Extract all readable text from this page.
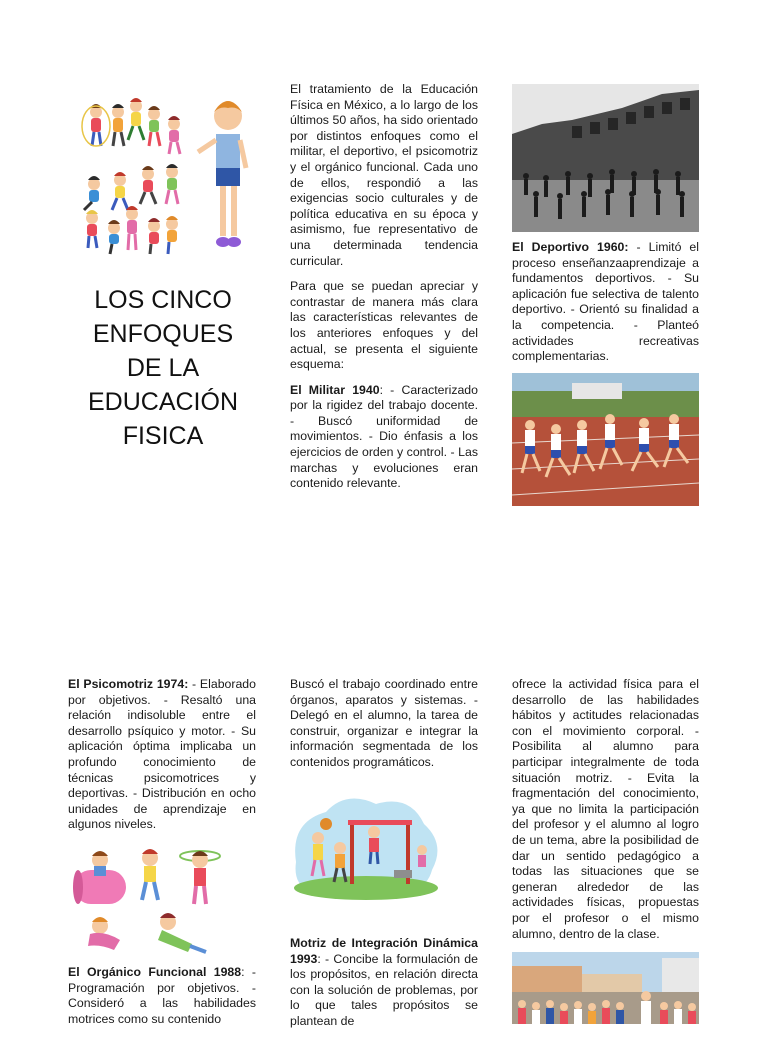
LOS CINCO
ENFOQUES
DE LA
EDUCACIÓN
FISICA

El tratamiento de la Educación Física en México, a lo largo de los últimos 50 años, ha sido orientado por distintos enfoques como el militar, el deportivo, el psicomotriz y el orgánico funcional. Cada uno de ellos, respondió a las exigencias socio culturales y de política educativa en su época y asimismo, fue representativo de una determinada tendencia curricular.

Para que se puedan apreciar y contrastar de manera más clara las características relevantes de los anteriores enfoques y del actual, se presenta el siguiente esquema:

El Militar 1940: - Caracterizado por la rigidez del trabajo docente. - Buscó uniformidad de movimientos. - Dio énfasis a los ejercicios de orden y control. - Las marchas y evoluciones eran contenido relevante.

El Deportivo 1960: - Limitó el proceso enseñanzaaprendizaje a fundamentos deportivos. - Su aplicación fue selectiva de talento deportivo. - Orientó su finalidad a la competencia. - Planteó actividades recreativas complementarias.

El Psicomotriz 1974: - Elaborado por objetivos. - Resaltó una relación indisoluble entre el desarrollo psíquico y motor. - Su aplicación óptima implicaba un profundo conocimiento de técnicas psicomotrices y deportivas. - Distribución en ocho unidades de aprendizaje en algunos niveles.

El Orgánico Funcional 1988: - Programación por objetivos. - Consideró a las habilidades motrices como su contenido

Buscó el trabajo coordinado entre órganos, aparatos y sistemas. - Delegó en el alumno, la tarea de construir, organizar e integrar la información segmentada de los contenidos programáticos.

Motriz de Integración Dinámica 1993: - Concibe la formulación de los propósitos, en relación directa con la solución de problemas, por lo que tales propósitos se plantean de

ofrece la actividad física para el desarrollo de las habilidades hábitos y actitudes relacionadas con el movimiento corporal. - Posibilita al alumno para participar integralmente de toda situación motriz. - Evita la fragmentación del conocimiento, ya que no limita la participación del profesor y el alumno al logro de un tema, abre la posibilidad de dar un sentido pedagógico a todas las situaciones que se generan alrededor de las actividades físicas, propuestas por el profesor o el mismo alumno, dentro de la clase.
